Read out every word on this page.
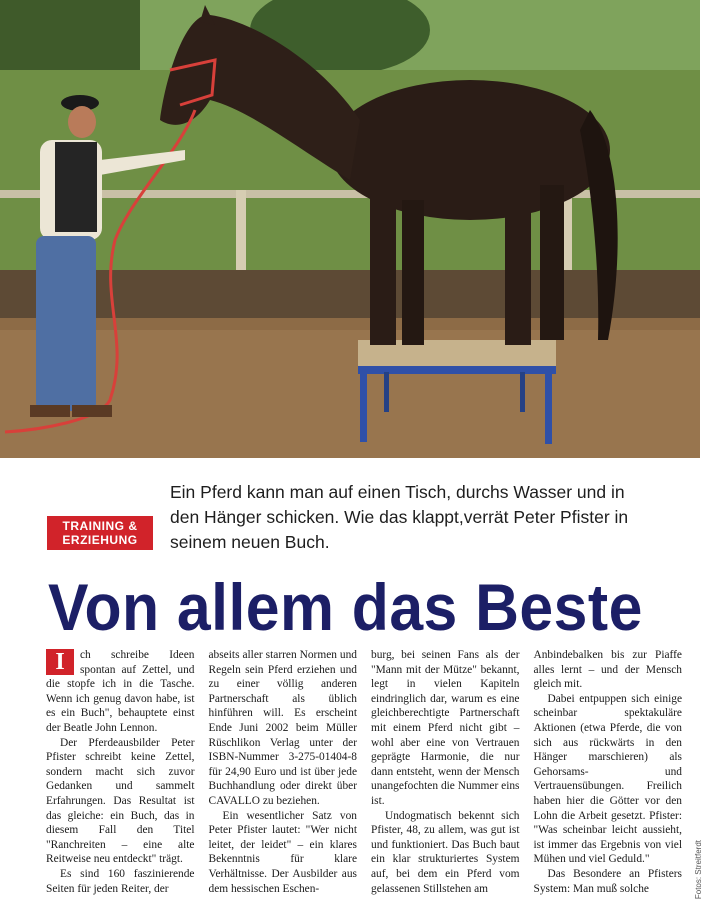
Fotos: Streitferdt

Ein Pferd kann man auf einen Tisch, durchs Wasser und in den Hänger schicken. Wie das klappt,verrät Peter Pfister in seinem neuen Buch.

TRAINING &
ERZIEHUNG
Von allem das Beste

I	ch schreibe Ideen spontan auf Zettel, und die stopfe ich in die Tasche. Wenn ich genug davon habe, ist es ein Buch", behauptete einst der Beatle John Lennon.

Der Pferdeausbilder Peter Pfister schreibt keine Zettel, sondern macht sich zuvor Gedanken und sammelt Erfahrungen. Das Resultat ist das gleiche: ein Buch, das in diesem Fall den Titel "Ranchreiten – eine alte Reitweise neu entdeckt" trägt.

Es sind 160 faszinierende Seiten für jeden Reiter, der

abseits aller starren Normen und Regeln sein Pferd erziehen und zu einer völlig anderen Partnerschaft als üblich hinführen will. Es erscheint Ende Juni 2002 beim Müller Rüschlikon Verlag unter der ISBN-Nummer 3-275-01404-8 für 24,90 Euro und ist über jede Buchhandlung oder direkt über CAVALLO zu beziehen.

Ein wesentlicher Satz von Peter Pfister lautet: "Wer nicht leitet, der leidet" – ein klares Bekenntnis für klare Verhältnisse. Der Ausbilder aus dem hessischen Eschen-

burg, bei seinen Fans als der "Mann mit der Mütze" bekannt, legt in vielen Kapiteln eindringlich dar, warum es eine gleichberechtigte Partnerschaft mit einem Pferd nicht gibt – wohl aber eine von Vertrauen geprägte Harmonie, die nur dann entsteht, wenn der Mensch unangefochten die Nummer eins ist.

Undogmatisch bekennt sich Pfister, 48, zu allem, was gut ist und funktioniert. Das Buch baut ein klar strukturiertes System auf, bei dem ein Pferd vom gelassenen Stillstehen am

Anbindebalken bis zur Piaffe alles lernt – und der Mensch gleich mit.

Dabei entpuppen sich einige scheinbar spektakuläre Aktionen (etwa Pferde, die von sich aus rückwärts in den Hänger marschieren) als Gehorsams- und Vertrauensübungen. Freilich haben hier die Götter vor den Lohn die Arbeit gesetzt. Pfister: "Was scheinbar leicht aussieht, ist immer das Ergebnis von viel Mühen und viel Geduld."

Das Besondere an Pfisters System: Man muß solche
